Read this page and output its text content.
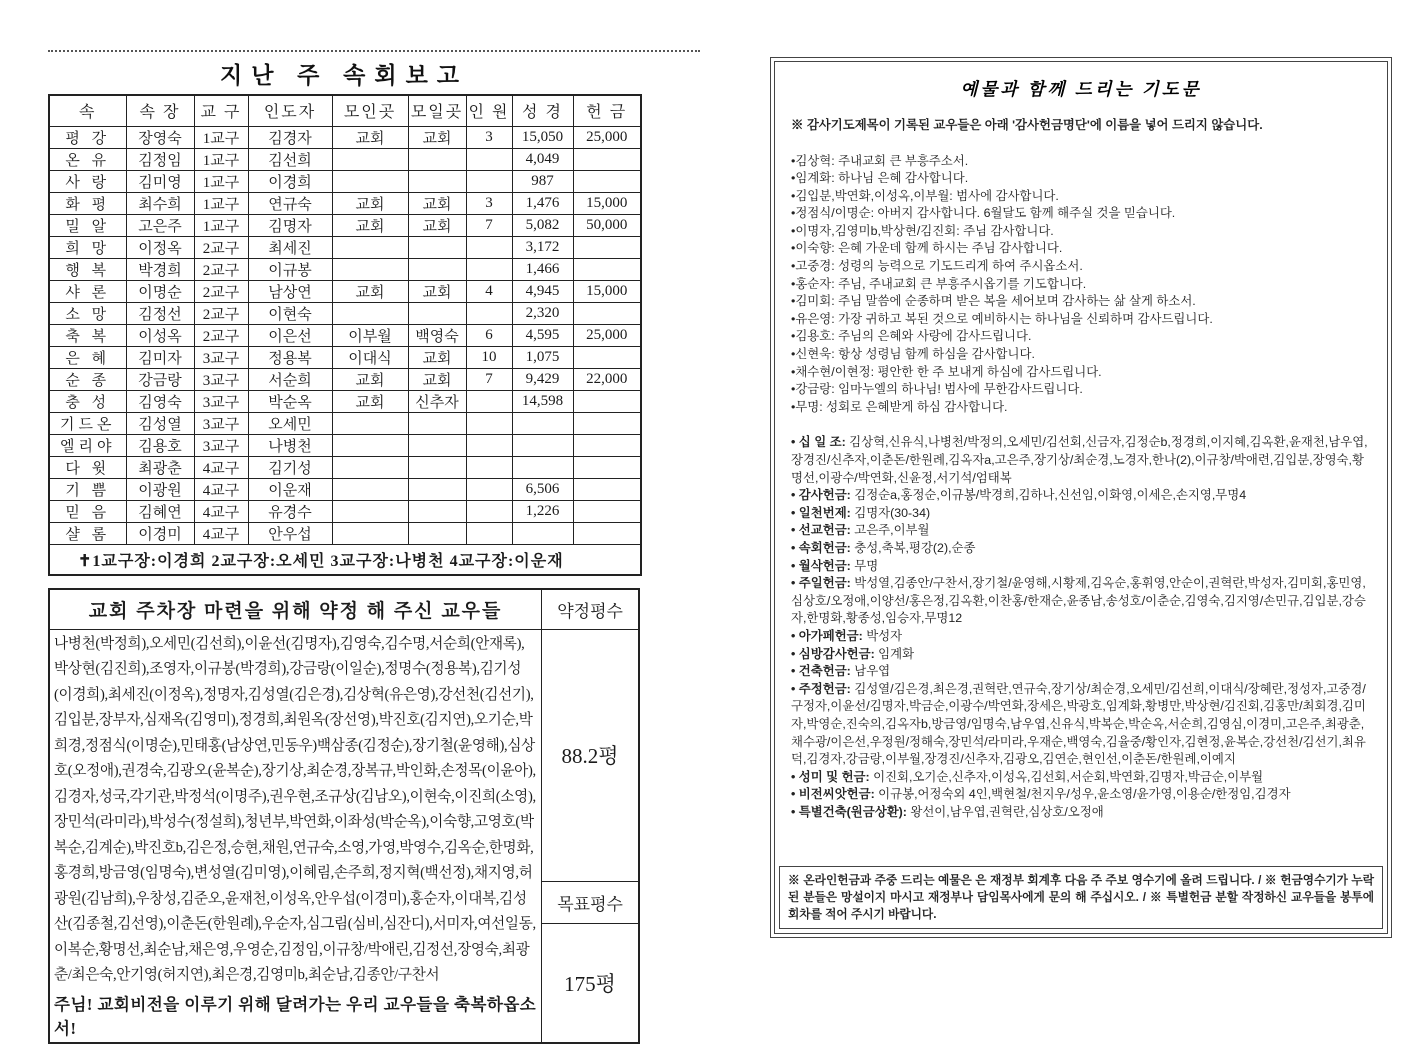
지난 주 속회보고
속	속 장	교 구	인도자	모인곳	모일곳	인 원	성 경	헌 금
평 강	장영숙	1교구	김경자	교회	교회	3	15,050	25,000
온 유	김정임	1교구	김선희				4,049	
사 랑	김미영	1교구	이경희				987	
화 평	최수희	1교구	연규숙	교회	교회	3	1,476	15,000
밀 알	고은주	1교구	김명자	교회	교회	7	5,082	50,000
희 망	이정옥	2교구	최세진				3,172	
행 복	박경희	2교구	이규봉				1,466	
샤 론	이명순	2교구	남상연	교회	교회	4	4,945	15,000
소 망	김정선	2교구	이현숙				2,320	
축 복	이성옥	2교구	이은선	이부월	백영숙	6	4,595	25,000
은 혜	김미자	3교구	정용복	이대식	교회	10	1,075	
순 종	강금랑	3교구	서순희	교회	교회	7	9,429	22,000
충 성	김영숙	3교구	박순옥	교회	신추자		14,598	
기드온	김성열	3교구	오세민					
엘리야	김용호	3교구	나병천					
다 윗	최광춘	4교구	김기성					
기 쁨	이광원	4교구	이운재				6,506	
믿 음	김혜연	4교구	유경수				1,226	
샬 롬	이경미	4교구	안우섭					
✝1교구장:이경희 2교구장:오세민 3교구장:나병천 4교구장:이운재								
교회 주차장 마련을 위해 약정 해 주신 교우들	약정평수

나병천(박정희),오세민(김선희),이윤선(김명자),김영숙,김수명,서순희(안재록),박상현(김진희),조영자,이규봉(박경희),강금랑(이일순),정명수(정용복),김기성(이경희),최세진(이정옥),정명자,김성열(김은경),김상혁(유은영),강선천(김선기),김입분,장부자,심재옥(김영미),정경희,최원옥(장선영),박진호(김지연),오기순,박희경,정점식(이명순),민태홍(남상연,민동우)백삼종(김정순),장기철(윤영해),심상호(오정애),권경숙,김광오(윤복순),장기상,최순경,장복규,박인화,손정목(이윤아),김경자,성국,각기관,박정석(이명주),권우현,조규상(김남오),이현숙,이진희(소영),장민석(라미라),박성수(정설희),청년부,박연화,이좌성(박순옥),이숙향,고영호(박복순,김계순),박진호b,김은정,승현,채원,연규숙,소영,가영,박영수,김옥순,한명화,홍경희,방금영(임명숙),변성열(김미영),이혜림,손주희,정지혁(백선정),채지영,허광원(김남희),우창성,김준오,윤재천,이성옥,안우섭(이경미),홍순자,이대복,김성산(김종철,김선영),이춘돈(한원례),우순자,심그림(심비,심잔디),서미자,여선일동,이복순,황명선,최순남,채은영,우영순,김정임,이규창/박애린,김정선,장영숙,최광춘/최은숙,안기영(허지연),최은경,김영미b,최순남,김종안/구찬서
주님! 교회비전을 이루기 위해 달려가는 우리 교우들을 축복하옵소서!	88.2평
	목표평수
	175평
예물과 함께 드리는 기도문
※ 감사기도제목이 기록된 교우들은 아래 '감사헌금명단'에 이름을 넣어 드리지 않습니다.
•김상혁: 주내교회 큰 부흥주소서.
•임계화: 하나님 은혜 감사합니다.
•김입분,박연화,이성옥,이부월: 범사에 감사합니다.
•정점식/이명순: 아버지 감사합니다. 6월달도 함께 해주실 것을 믿습니다.
•이명자,김영미b,박상현/김진회: 주님 감사합니다.
•이숙향: 은혜 가운데 함께 하시는 주님 감사합니다.
•고중경: 성령의 능력으로 기도드리게 하여 주시옵소서.
•홍순자: 주님, 주내교회 큰 부흥주시옵기를 기도합니다.
•김미회: 주님 말씀에 순종하며 받은 복을 세어보며 감사하는 삶 살게 하소서.
•유은영: 가장 귀하고 복된 것으로 예비하시는 하나님을 신뢰하며 감사드립니다.
•김용호: 주님의 은혜와 사랑에 감사드립니다.
•신현욱: 항상 성령님 함께 하심을 감사합니다.
•채수현/이현정: 평안한 한 주 보내게 하심에 감사드립니다.
•강금랑: 임마누엘의 하나님! 범사에 무한감사드립니다.
•무명: 성회로 은혜받게 하심 감사합니다.
• 십 일 조: 김상혁,신유식,나병천/박정의,오세민/김선회,신금자,김정순b,정경희,이지혜,김옥환,윤재천,남우엽,장경진/신추자,이춘돈/한원례,김옥자a,고은주,장기상/최순경,노경자,한나(2),이규창/박애련,김입분,장영숙,황명선,이광수/박연화,신윤정,서기석/엄태복
• 감사헌금: 김정순a,홍정순,이규봉/박경희,김하나,신선임,이화영,이세은,손지영,무명4
• 일천번제: 김명자(30-34)
• 선교헌금: 고은주,이부월
• 속회헌금: 충성,축복,평강(2),순종
• 월삭헌금: 무명
• 주일헌금: 박성열,김종안/구찬서,장기철/윤영해,시황제,김옥순,홍휘영,안순이,권혁란,박성자,김미회,홍민영,심상호/오정애,이양선/홍은정,김옥환,이찬홍/한재순,윤종남,송성호/이춘순,김영숙,김지영/손민규,김입분,강승자,한명화,황종성,임승자,무명12
• 아가페헌금: 박성자
• 심방감사헌금: 임계화
• 건축헌금: 남우엽
• 주정헌금: 김성열/김은경,최은경,권혁란,연규숙,장기상/최순경,오세민/김선희,이대식/장혜란,정성자,고중경/구정자,이윤선/김명자,박금순,이광수/박연화,장세은,박광호,임계화,황병만,박상현/김진회,김홍만/최회경,김미자,박영순,진숙의,김옥자b,방금영/임명숙,남우엽,신유식,박복순,박순옥,서순희,김영심,이경미,고은주,최광춘,채수광/이은선,우정원/정해숙,장민석/라미라,우재순,백영숙,김율중/황인자,김현정,윤복순,강선천/김선기,최유덕,김경자,강금랑,이부월,장경진/신추자,김광오,김연순,현인선,이춘돈/한원례,이예지
• 성미 및 헌금: 이진회,오기순,신추자,이성옥,김선회,서순회,박연화,김명자,박금순,이부월
• 비전씨앗헌금: 이규봉,어정숙외 4인,백현철/천지우/성우,윤소영/윤가영,이용순/한정임,김경자
• 특별건축(원금상환): 왕선이,남우엽,권혁란,심상호/오정애
※ 온라인헌금과 주중 드리는 예물은 은 재정부 회계후 다음 주 주보 영수기에 올려 드립니다. / ※ 헌금영수기가 누락된 분들은 망설이지 마시고 재정부나 담임목사에게 문의 해 주십시오. / ※ 특별헌금 분할 작정하신 교우들을 봉투에 회차를 적어 주시기 바랍니다.
